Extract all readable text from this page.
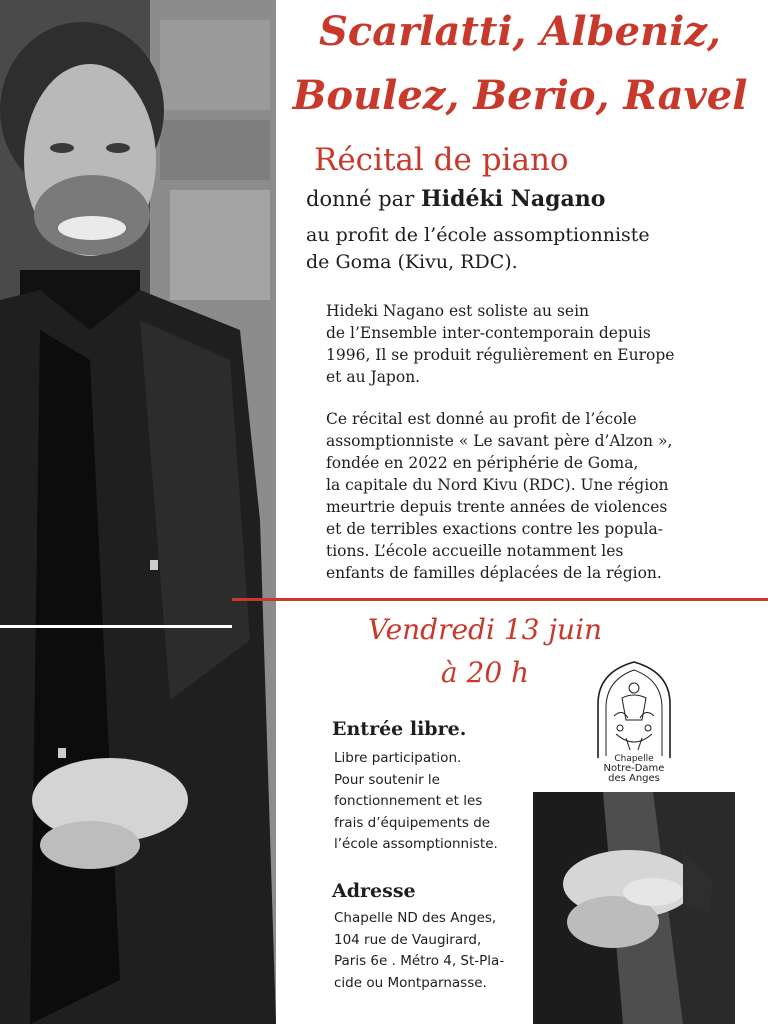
Scarlatti, Albeniz,
Boulez, Berio, Ravel
Récital de piano
donné par Hidéki Nagano

au profit de l’école assomptionniste
de Goma (Kivu, RDC).

Hideki Nagano est soliste au sein
de l’Ensemble inter-contemporain depuis
1996, Il se produit régulièrement en Europe
et au Japon.

Ce récital est donné au profit de l’école
assomptionniste « Le savant père d’Alzon »,
fondée en 2022 en périphérie de Goma,
la capitale du Nord Kivu (RDC). Une région
meurtrie depuis trente années de violences
et de terribles exactions contre les popula-
tions. L’école accueille notamment les
enfants de familles déplacées de la région.

Vendredi 13 juin
à 20 h
Chapelle
Notre-Dame
des Anges
Entrée libre.

Libre participation.
Pour soutenir le
fonctionnement et les
frais d’équipements de
l’école assomptionniste.

Adresse

Chapelle ND des Anges,
104 rue de Vaugirard,
Paris 6e . Métro 4, St-Pla-
cide ou Montparnasse.
